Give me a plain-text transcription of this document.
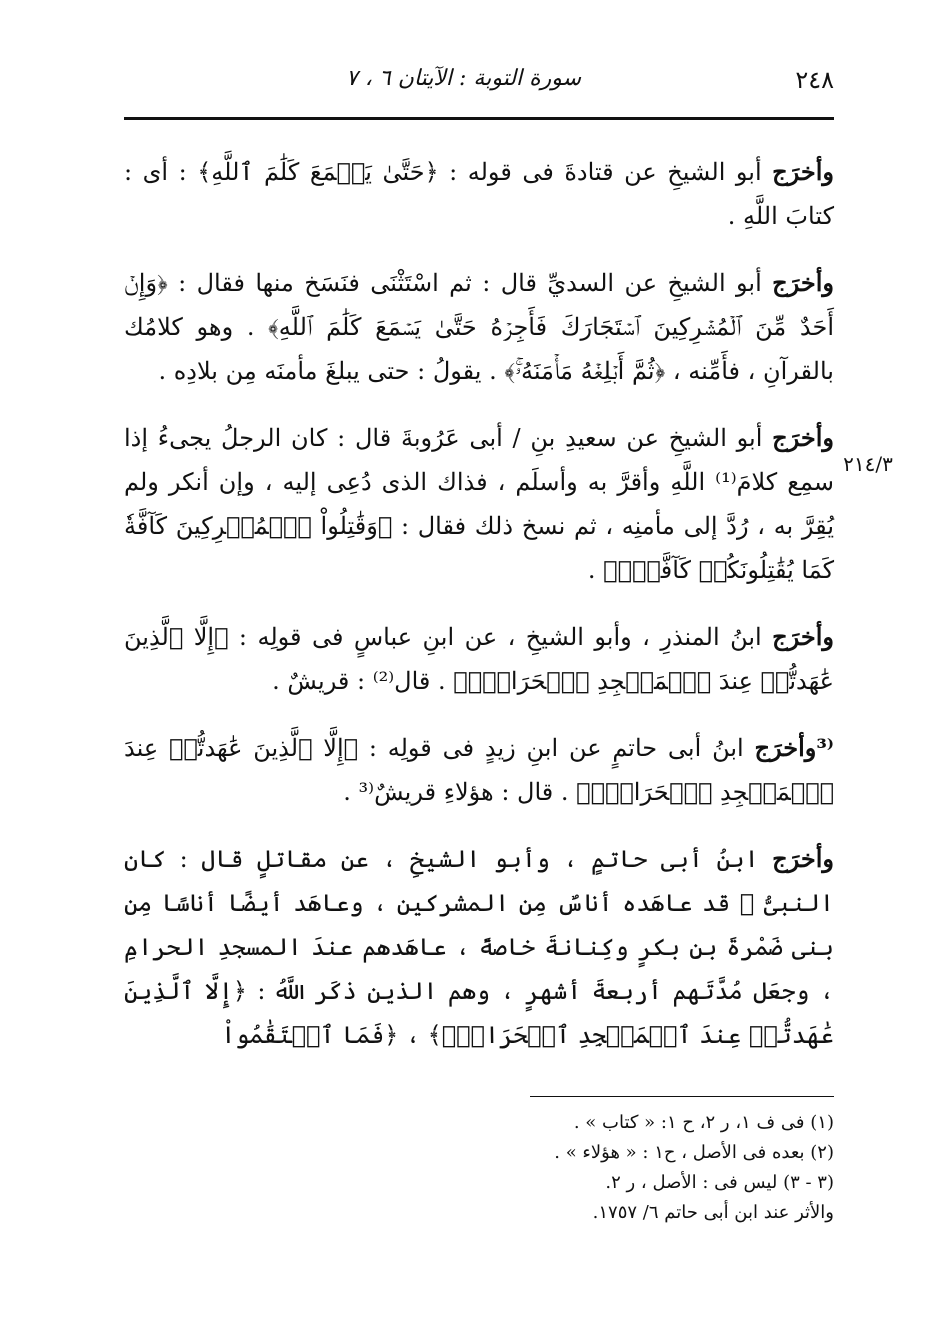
سورة التوبة : الآيتان ٦ ، ٧	٢٤٨
٢١٤/٣

وأخرَج أبو الشيخِ عن قتادةَ فى قوله : ﴿حَتَّىٰ يَسۡمَعَ كَلَٰمَ ٱللَّهِ﴾ : أى : كتابَ اللَّهِ .

وأخرَج أبو الشيخِ عن السديِّ قال : ثم اسْتَثْنَى فنَسَخ منها فقال : ﴿وَإِنۡ أَحَدٌ مِّنَ ٱلۡمُشۡرِكِينَ ٱسۡتَجَارَكَ فَأَجِرۡهُ حَتَّىٰ يَسۡمَعَ كَلَٰمَ ٱللَّهِ﴾ . وهو كلامُك بالقرآنِ ، فأَمِّنه ، ﴿ثُمَّ أَبۡلِغۡهُ مَأۡمَنَهُۥۚ﴾ . يقولُ : حتى يبلغَ مأمنَه مِن بلادِه .

وأخرَج أبو الشيخِ عن سعيدِ بنِ / أبى عَرُوبةَ قال : كان الرجلُ يجىءُ إذا سمِع كلامَ⁽¹⁾ اللَّهِ وأقرَّ به وأسلَم ، فذاك الذى دُعِى إليه ، وإن أنكر ولم يُقِرَّ به ، رُدَّ إلى مأمنِه ، ثم نسخ ذلك فقال : ﴿وَقَٰتِلُواْ ٱلۡمُشۡرِكِينَ كَآفَّةٗ كَمَا يُقَٰتِلُونَكُمۡ كَآفَّةٗۚ﴾ .

وأخرَج ابنُ المنذرِ ، وأبو الشيخِ ، عن ابنِ عباسٍ فى قولِه : ﴿إِلَّا ٱلَّذِينَ عَٰهَدتُّمۡ عِندَ ٱلۡمَسۡجِدِ ٱلۡحَرَامِۖ﴾ . قال⁽²⁾ : قريشٌ .

⁽³وأخرَج ابنُ أبى حاتمٍ عن ابنِ زيدٍ فى قولِه : ﴿إِلَّا ٱلَّذِينَ عَٰهَدتُّمۡ عِندَ ٱلۡمَسۡجِدِ ٱلۡحَرَامِۖ﴾ . قال : هؤلاءِ قريشٌ⁽³ .

وأخرَج ابنُ أبى حاتمٍ ، وأبو الشيخِ ، عن مقاتلٍ قال : كان النبىُّ ﷺ قد عاهَده أناسٌ مِن المشركين ، وعاهَد أيضًا أناسًا مِن بنى ضَمْرةَ بنِ بكرٍ وكِنانةَ خاصةً ، عاهَدهم عندَ المسجدِ الحرامِ ، وجعَل مُدَّتَهم أربعةَ أشهرٍ ، وهم الذين ذكَر اللَّهُ : ﴿إِلَّا ٱلَّذِينَ عَٰهَدتُّمۡ عِندَ ٱلۡمَسۡجِدِ ٱلۡحَرَامِۖ﴾ ، ﴿فَمَا ٱسۡتَقَٰمُواْ

(١) فى ف ١، ر ٢، ح ١: « كتاب » .
(٢) بعده فى الأصل ، ح١ : « هؤلاء » .
(٣ - ٣) ليس فى : الأصل ، ر ٢.
والأثر عند ابن أبى حاتم ٦/ ١٧٥٧.
